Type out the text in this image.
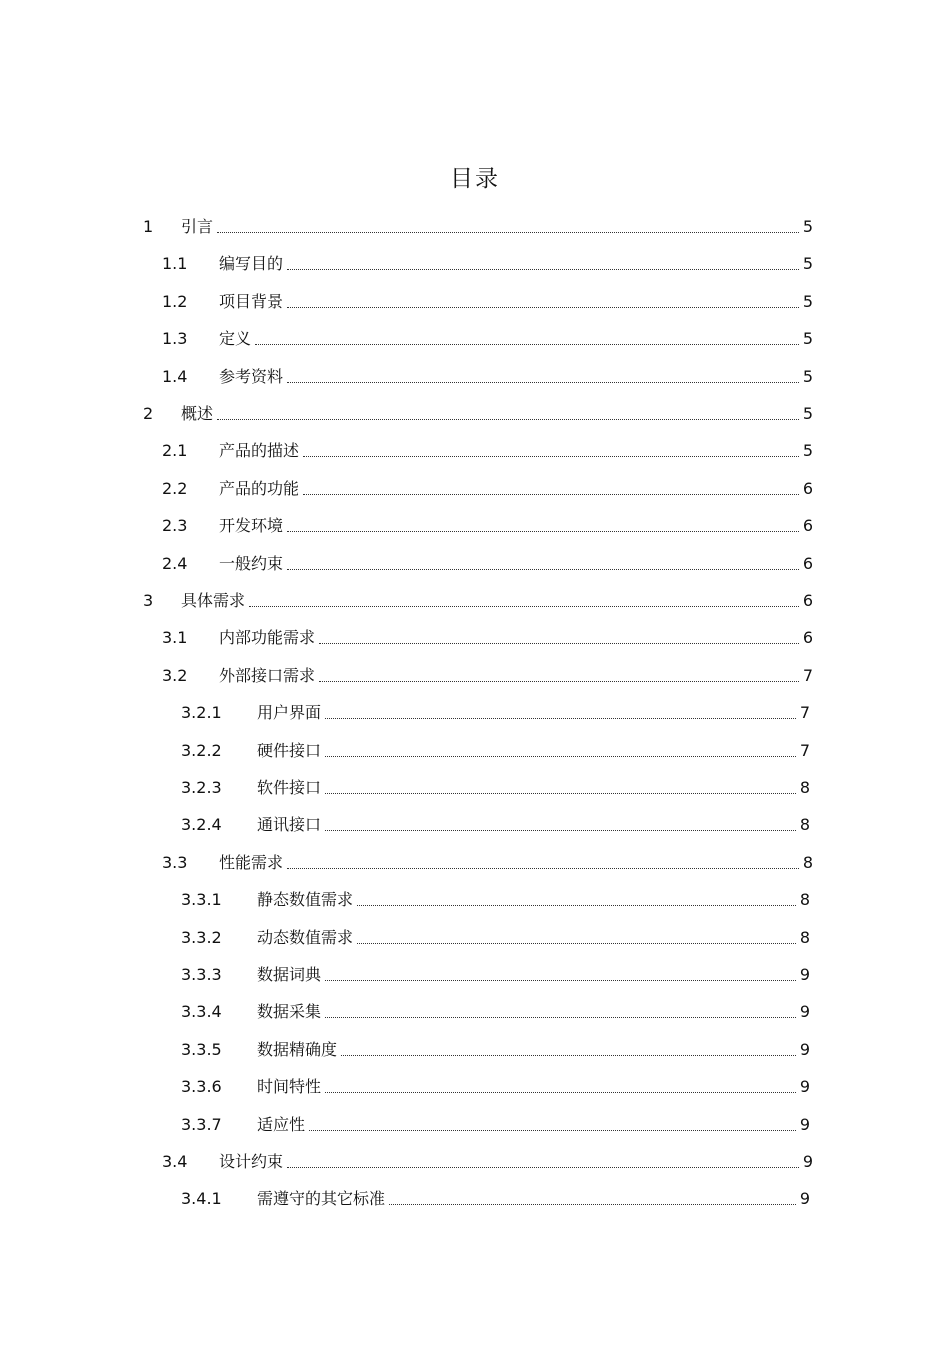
目录
1	引言	5
1.1	编写目的	5
1.2	项目背景	5
1.3	定义	5
1.4	参考资料	5
2	概述	5
2.1	产品的描述	5
2.2	产品的功能	6
2.3	开发环境	6
2.4	一般约束	6
3	具体需求	6
3.1	内部功能需求	6
3.2	外部接口需求	7
3.2.1	用户界面	7
3.2.2	硬件接口	7
3.2.3	软件接口	8
3.2.4	通讯接口	8
3.3	性能需求	8
3.3.1	静态数值需求	8
3.3.2	动态数值需求	8
3.3.3	数据词典	9
3.3.4	数据采集	9
3.3.5	数据精确度	9
3.3.6	时间特性	9
3.3.7	适应性	9
3.4	设计约束	9
3.4.1	需遵守的其它标准	9
